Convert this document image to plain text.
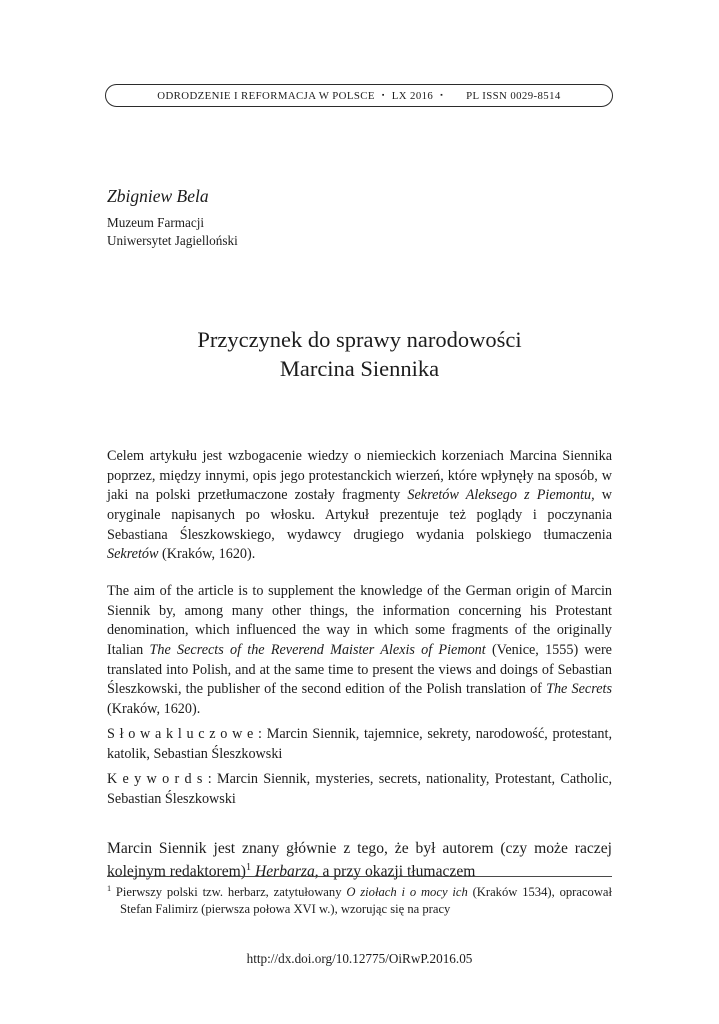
ODRODZENIE I REFORMACJA W POLSCE ▪ LX 2016 ▪ PL ISSN 0029-8514
Zbigniew Bela
Muzeum Farmacji
Uniwersytet Jagielloński
Przyczynek do sprawy narodowości
Marcina Siennika

Celem artykułu jest wzbogacenie wiedzy o niemieckich korzeniach Marcina Siennika poprzez, między innymi, opis jego protestanckich wierzeń, które wpłynęły na sposób, w jaki na polski przetłumaczone zostały fragmenty Sekretów Aleksego z Piemontu, w oryginale napisanych po włosku. Artykuł prezentuje też poglądy i poczynania Sebastiana Śleszkowskiego, wydawcy drugiego wydania polskiego tłumaczenia Sekretów (Kraków, 1620).

The aim of the article is to supplement the knowledge of the German origin of Marcin Siennik by, among many other things, the information concerning his Protestant denomination, which influenced the way in which some fragments of the originally Italian The Secrects of the Reverend Maister Alexis of Piemont (Venice, 1555) were translated into Polish, and at the same time to present the views and doings of Sebastian Śleszkowski, the publisher of the second edition of the Polish translation of The Secrets (Kraków, 1620).

S ł o w a k l u c z o w e : Marcin Siennik, tajemnice, sekrety, narodowość, protestant, katolik, Sebastian Śleszkowski

K e y w o r d s : Marcin Siennik, mysteries, secrets, nationality, Protestant, Catholic, Sebastian Śleszkowski

Marcin Siennik jest znany głównie z tego, że był autorem (czy może raczej kolejnym redaktorem)$^1$ Herbarza, a przy okazji tłumaczem

$^1$ Pierwszy polski tzw. herbarz, zatytułowany O ziołach i o mocy ich (Kraków 1534), opracował Stefan Falimirz (pierwsza połowa XVI w.), wzorując się na pracy
http://dx.doi.org/10.12775/OiRwP.2016.05
